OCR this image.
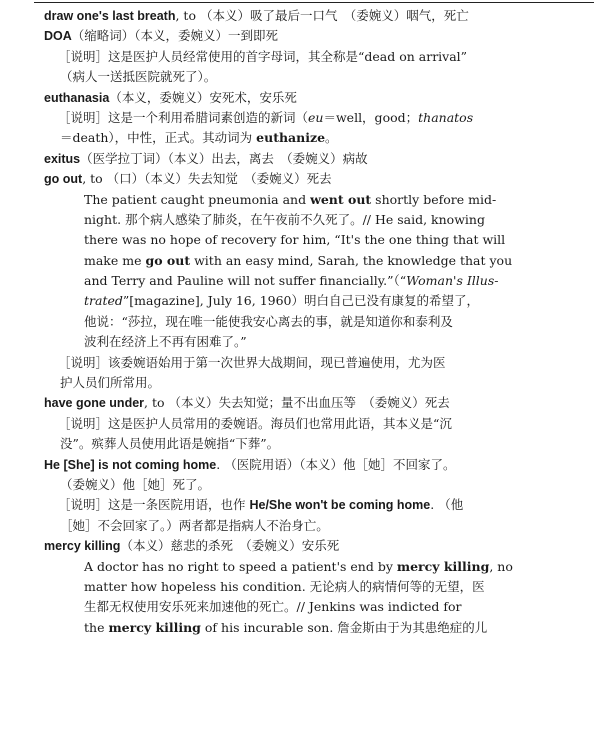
draw one's last breath, to （本义）吸了最后一口气　（委婉义）咽气，死亡
DOA（缩略词）（本义，委婉义）一到即死
［说明］这是医护人员经常使用的首字母词，其全称是“dead on arrival”
（病人一送抵医院就死了）。
euthanasia（本义，委婉义）安死术，安乐死
［说明］这是一个利用希腊词素创造的新词（eu＝well，good；thanatos
＝death），中性，正式。其动词为 euthanize。
exitus（医学拉丁词）（本义）出去，离去　（委婉义）病故
go out, to （口）（本义）失去知觉　（委婉义）死去
The patient caught pneumonia and went out shortly before mid-
night. 那个病人感染了肺炎，在午夜前不久死了。// He said, knowing
there was no hope of recovery for him, “It's the one thing that will
make me go out with an easy mind, Sarah, the knowledge that you
and Terry and Pauline will not suffer financially.”（“Woman's Illus-
trated”[magazine], July 16, 1960）明白自己已没有康复的希望了，
他说：“莎拉，现在唯一能使我安心离去的事，就是知道你和泰利及
波利在经济上不再有困难了。”
［说明］该委婉语始用于第一次世界大战期间，现已普遍使用，尤为医
护人员们所常用。
have gone under, to （本义）失去知觉；量不出血压等　（委婉义）死去
［说明］这是医护人员常用的委婉语。海员们也常用此语，其本义是“沉
没”。殡葬人员使用此语是婉指“下葬”。
He [She] is not coming home. （医院用语）（本义）他［她］不回家了。
（委婉义）他［她］死了。
［说明］这是一条医院用语，也作 He/She won't be coming home. （他
［她］不会回家了。）两者都是指病人不治身亡。
mercy killing（本义）慈悲的杀死　（委婉义）安乐死
A doctor has no right to speed a patient's end by mercy killing, no
matter how hopeless his condition. 无论病人的病情何等的无望，医
生都无权使用安乐死来加速他的死亡。// Jenkins was indicted for
the mercy killing of his incurable son. 詹金斯由于为其患绝症的儿
